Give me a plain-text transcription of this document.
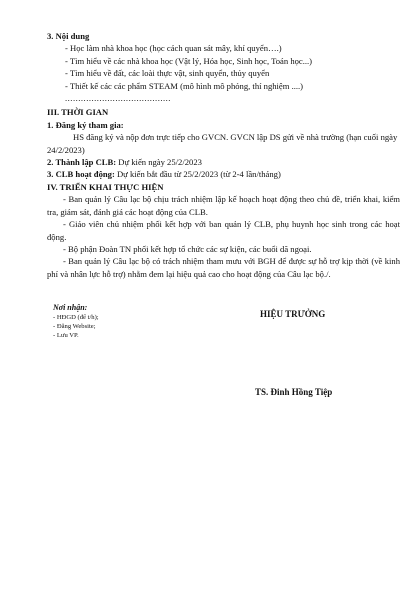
3. Nội dung

- Học làm nhà khoa học (học cách quan sát mây, khí quyển….)

- Tìm hiểu về các nhà khoa học (Vật lý, Hóa học, Sinh học, Toán học...)

- Tìm hiểu về đất, các loài thực vật, sinh quyển, thủy quyển

- Thiết kế các các phẩm STEAM (mô hình mô phỏng, thí nghiệm ....)

........................................

III. THỜI GIAN

1. Đăng ký tham gia:

HS đăng ký và nộp đơn trực tiếp cho GVCN. GVCN lập DS gửi về nhà trường (hạn cuối ngày 24/2/2023)

2. Thành lập CLB: Dự kiến ngày 25/2/2023

3. CLB hoạt động: Dự kiến bắt đầu từ 25/2/2023 (từ 2-4 lần/tháng)

IV. TRIỂN KHAI THỰC HIỆN

- Ban quản lý Câu lạc bộ chịu trách nhiệm lập kế hoạch hoạt động theo chủ đề, triển khai, kiểm tra, giám sát, đánh giá các hoạt động của CLB.

- Giáo viên chủ nhiệm phối kết hợp với ban quản lý CLB, phụ huynh học sinh trong các hoạt động.

- Bộ phận Đoàn TN phối kết hợp tổ chức các sự kiện, các buổi dã ngoại.

- Ban quản lý Câu lạc bộ có trách nhiệm tham mưu với BGH để được sự hỗ trợ kịp thời (về kinh phí và nhân lực hỗ trợ) nhằm đem lại hiệu quả cao cho hoạt động của Câu lạc bộ./.

Nơi nhận:
- HĐGD (để t/h);
- Đăng Website;
- Lưu VP.
HIỆU TRƯỞNG
TS. Đinh Hồng Tiệp
